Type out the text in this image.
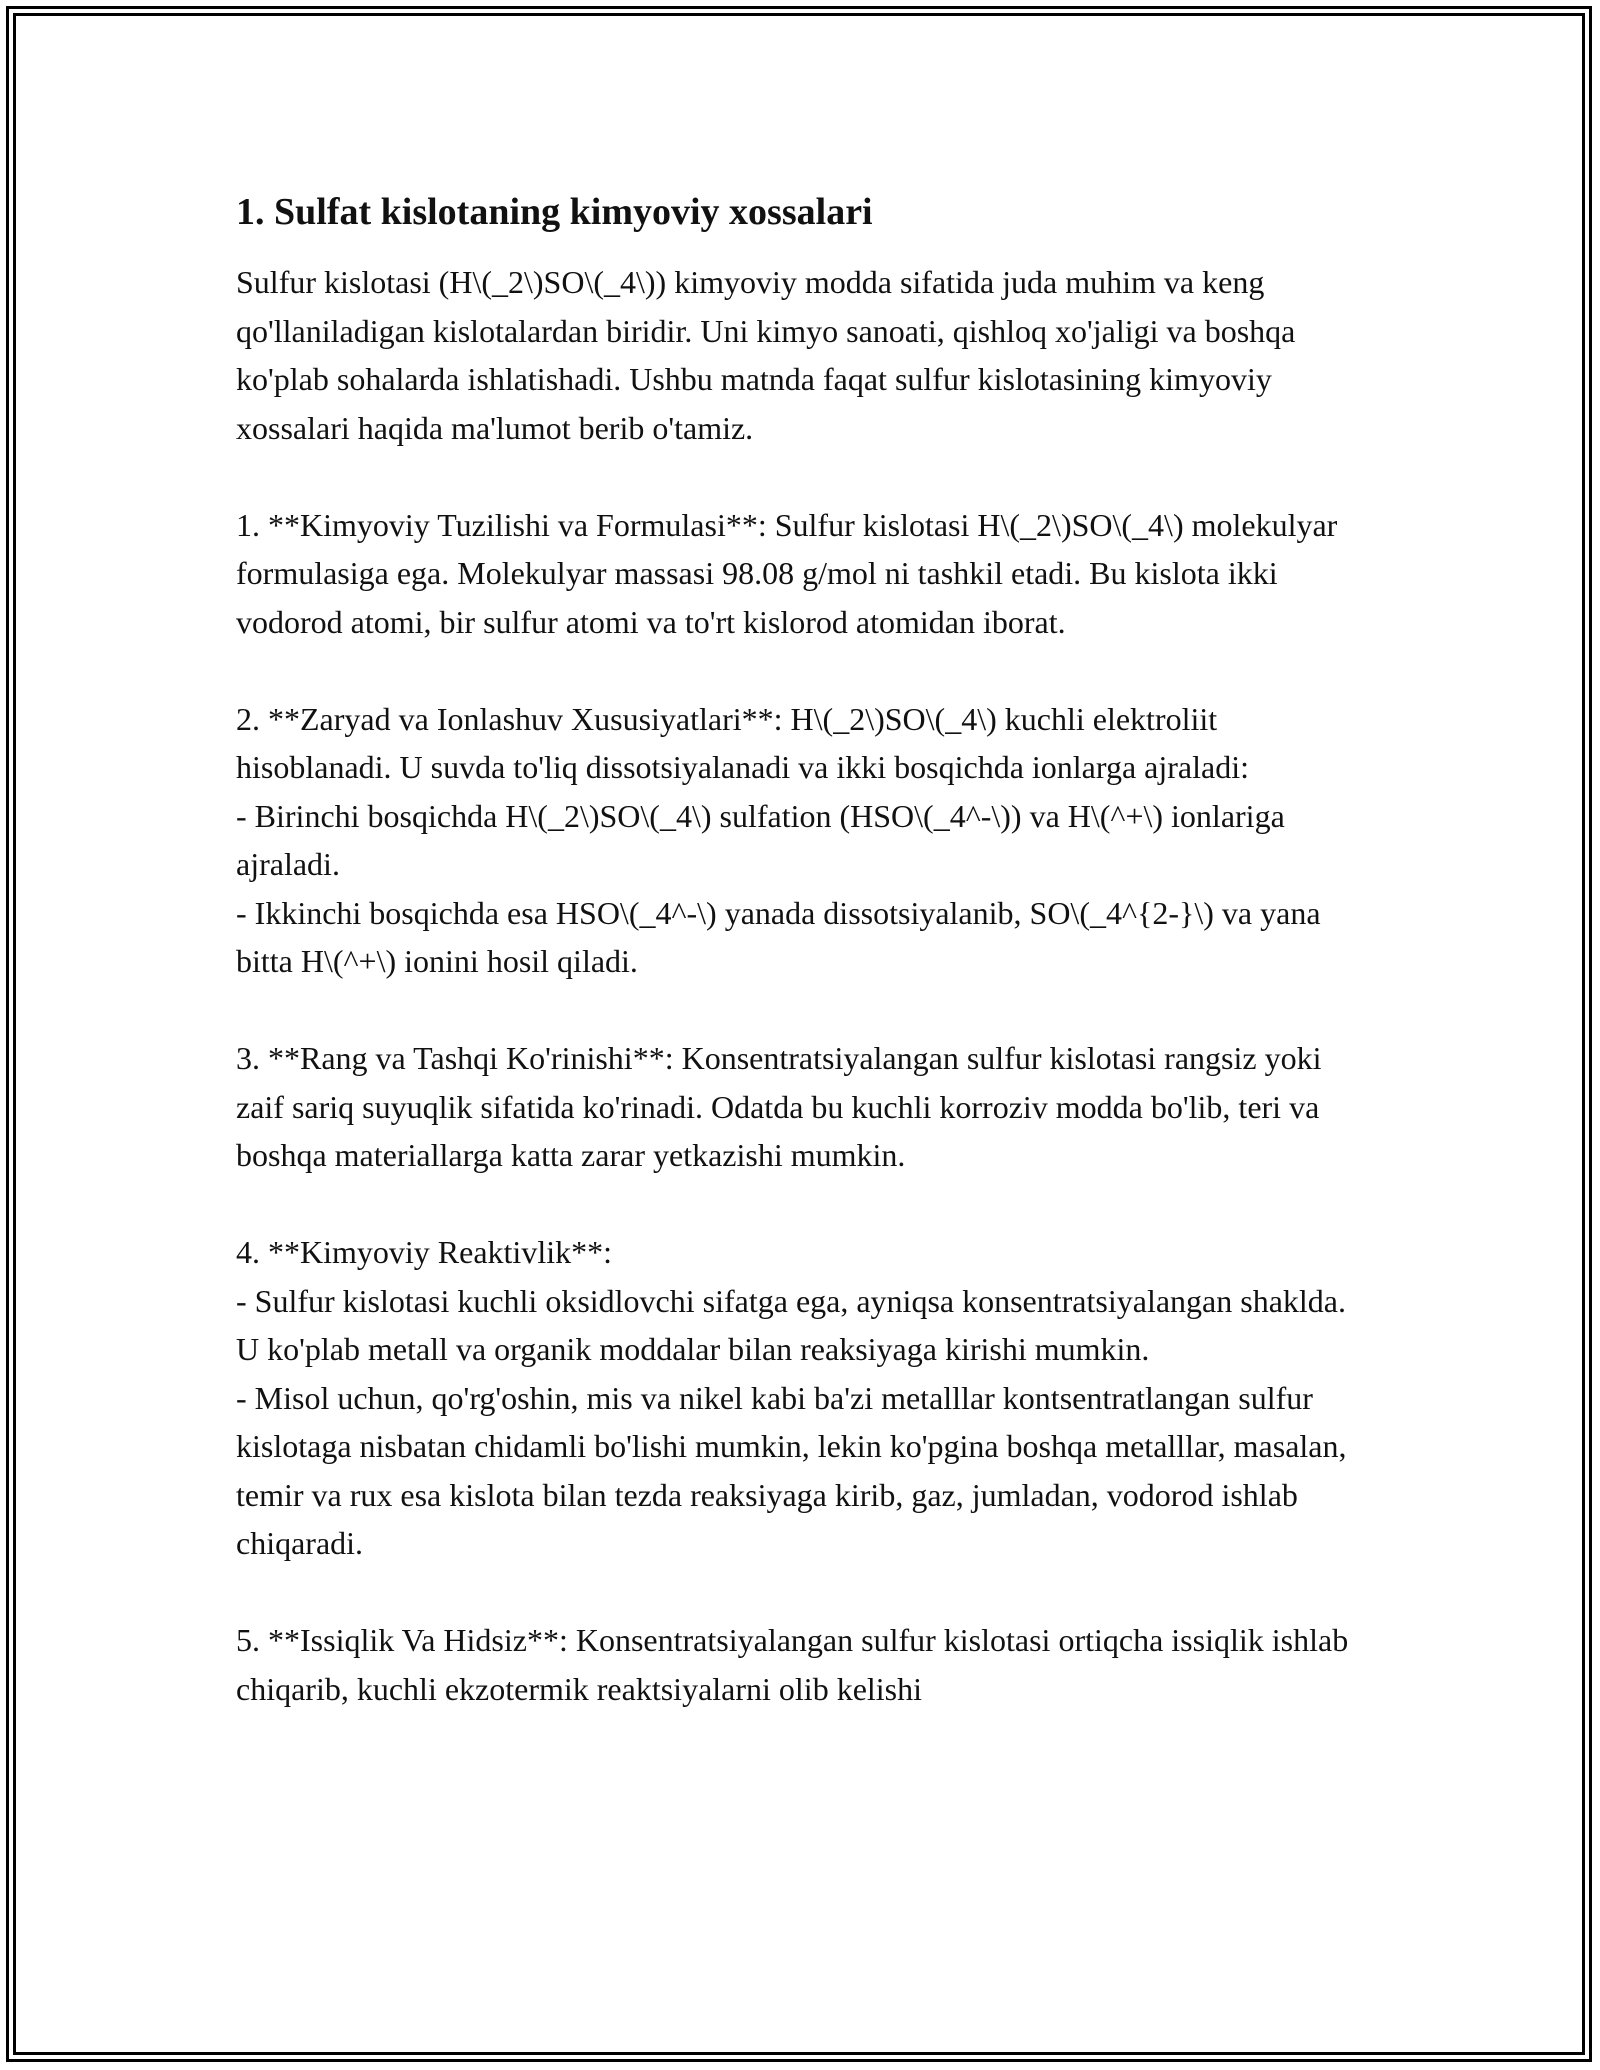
1. Sulfat kislotaning kimyoviy xossalari

Sulfur kislotasi (H\(_2\)SO\(_4\)) kimyoviy modda sifatida juda muhim va keng qo'llaniladigan kislotalardan biridir. Uni kimyo sanoati, qishloq xo'jaligi va boshqa ko'plab sohalarda ishlatishadi. Ushbu matnda faqat sulfur kislotasining kimyoviy xossalari haqida ma'lumot berib o'tamiz.

1. **Kimyoviy Tuzilishi va Formulasi**: Sulfur kislotasi H\(_2\)SO\(_4\) molekulyar formulasiga ega. Molekulyar massasi 98.08 g/mol ni tashkil etadi. Bu kislota ikki vodorod atomi, bir sulfur atomi va to'rt kislorod atomidan iborat.

2. **Zaryad va Ionlashuv Xususiyatlari**: H\(_2\)SO\(_4\) kuchli elektroliit hisoblanadi. U suvda to'liq dissotsiyalanadi va ikki bosqichda ionlarga ajraladi:
- Birinchi bosqichda H\(_2\)SO\(_4\) sulfation (HSO\(_4^-\)) va H\(^+\) ionlariga ajraladi.
- Ikkinchi bosqichda esa HSO\(_4^-\) yanada dissotsiyalanib, SO\(_4^{2-}\) va yana bitta H\(^+\) ionini hosil qiladi.

3. **Rang va Tashqi Ko'rinishi**: Konsentratsiyalangan sulfur kislotasi rangsiz yoki zaif sariq suyuqlik sifatida ko'rinadi. Odatda bu kuchli korroziv modda bo'lib, teri va boshqa materiallarga katta zarar yetkazishi mumkin.

4. **Kimyoviy Reaktivlik**:
- Sulfur kislotasi kuchli oksidlovchi sifatga ega, ayniqsa konsentratsiyalangan shaklda. U ko'plab metall va organik moddalar bilan reaksiyaga kirishi mumkin.
- Misol uchun, qo'rg'oshin, mis va nikel kabi ba'zi metalllar kontsentratlangan sulfur kislotaga nisbatan chidamli bo'lishi mumkin, lekin ko'pgina boshqa metalllar, masalan, temir va rux esa kislota bilan tezda reaksiyaga kirib, gaz, jumladan, vodorod ishlab chiqaradi.

5. **Issiqlik Va Hidsiz**: Konsentratsiyalangan sulfur kislotasi ortiqcha issiqlik ishlab chiqarib, kuchli ekzotermik reaktsiyalarni olib kelishi
